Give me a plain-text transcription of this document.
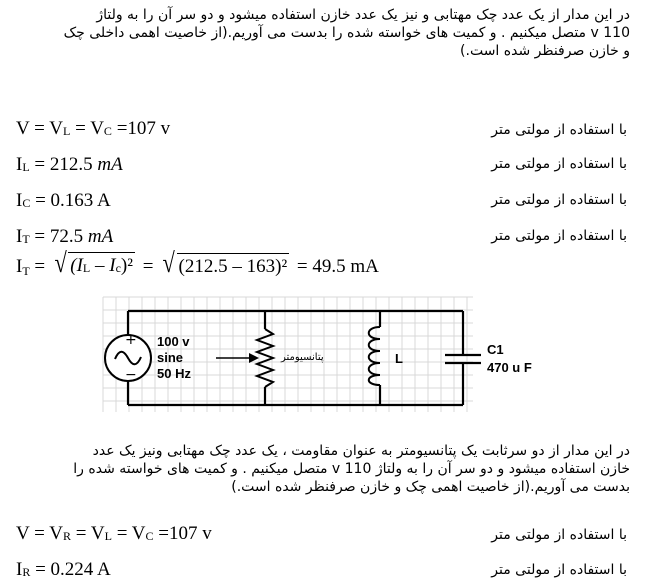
در این مدار از یک عدد چک مهتابی و نیز یک عدد خازن استفاده میشود و دو سر آن را به ولتاژ
110 v متصل میکنیم . و کمیت های خواسته شده را بدست می آوریم.(از خاصیت اهمی داخلی چک
و خازن صرفنظر شده است.)
$V = V_L = V_C =107$ v	با استفاده از مولتی متر
$I_L = 212.5$ mA	با استفاده از مولتی متر
$I_C = 0.163$ A	با استفاده از مولتی متر
$I_T = 72.5$ mA	با استفاده از مولتی متر
$I_T$ = √ $(I_L - I_c)^2$ = √ (212.5 – 163)² = 49.5 mA
+
−
100 v
sine
50 Hz
پتانسیومتر	L
C1
470 u F
در این مدار از دو سرثابت یک پتانسیومتر به عنوان مقاومت ، یک عدد چک مهتابی ونیز یک عدد
خازن استفاده میشود و دو سر آن را به ولتاژ 110 v متصل میکنیم . و کمیت های خواسته شده را
بدست می آوریم.(از خاصیت اهمی چک و خازن صرفنظر شده است.)
$V = V_R = V_L = V_C =107$ v	با استفاده از مولتی متر
$I_R = 0.224$ A	با استفاده از مولتی متر
